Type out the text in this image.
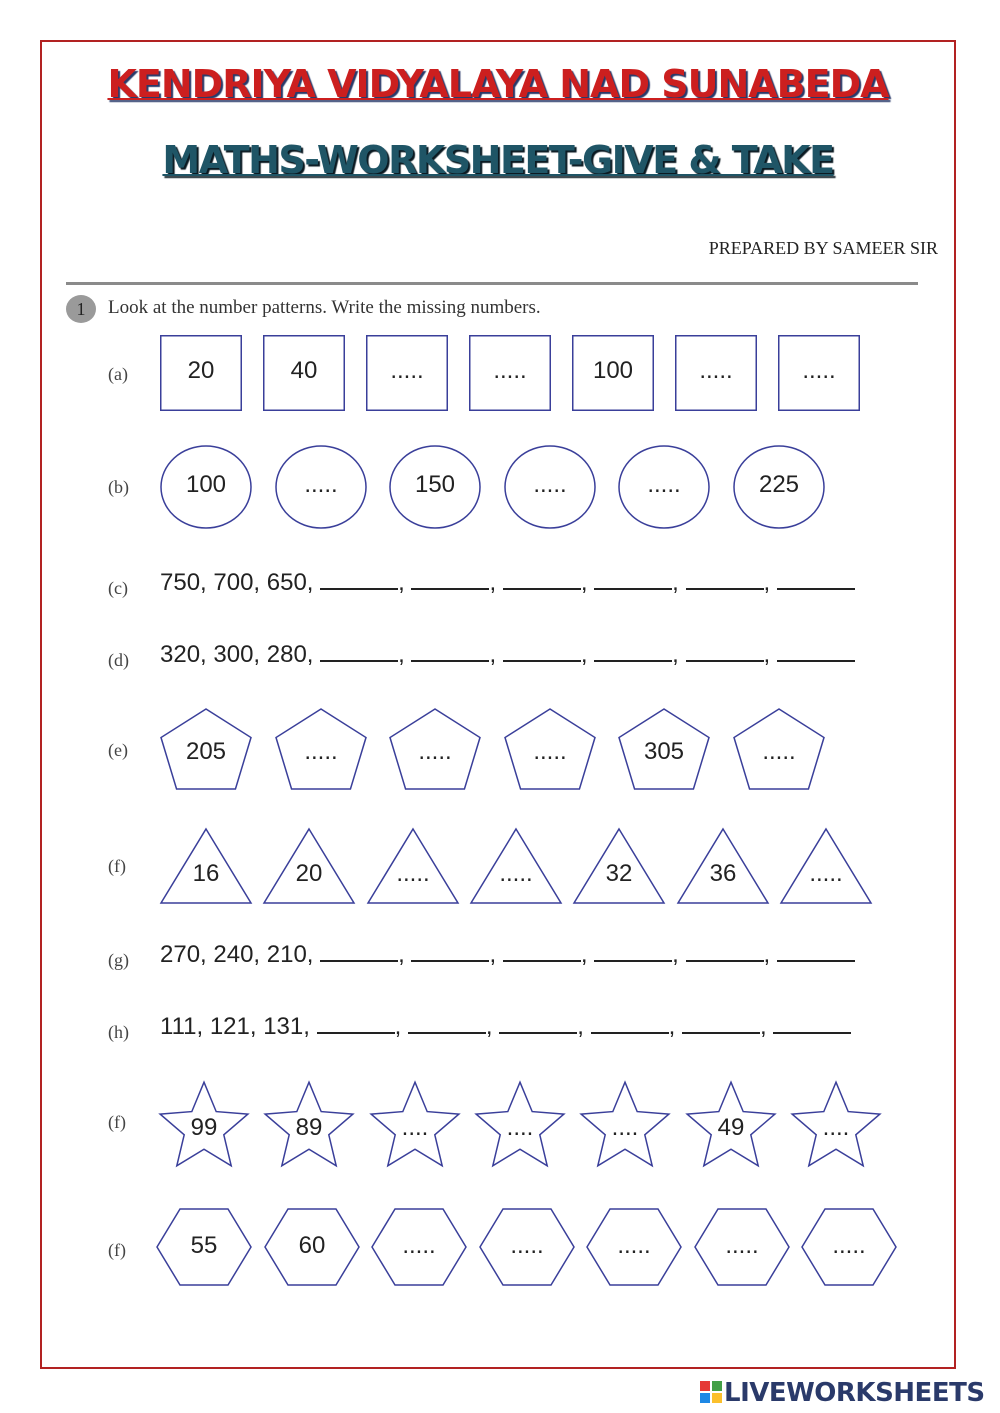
KENDRIYA VIDYALAYA NAD SUNABEDA
MATHS-WORKSHEET-GIVE & TAKE
PREPARED BY SAMEER SIR
1	Look at the number patterns. Write the missing numbers.
(a)	20	40	.....	.....	100	.....	.....
(b)	100	.....	150	.....	.....	225
(c) 750, 700, 650,	,	,	,	,	,
(d) 320, 300, 280,	,	,	,	,	,
(e)	205	.....	.....	.....	305	.....
(f)	16	20	.....	.....	32	36	.....
(g) 270, 240, 210,	,	,	,	,	,
(h) 111, 121, 131,	,	,	,	,	,
(f)	99	89	....	....	....	49	....
(f)	55	60	.....	.....	.....	.....	.....
LIVEWORKSHEETS
